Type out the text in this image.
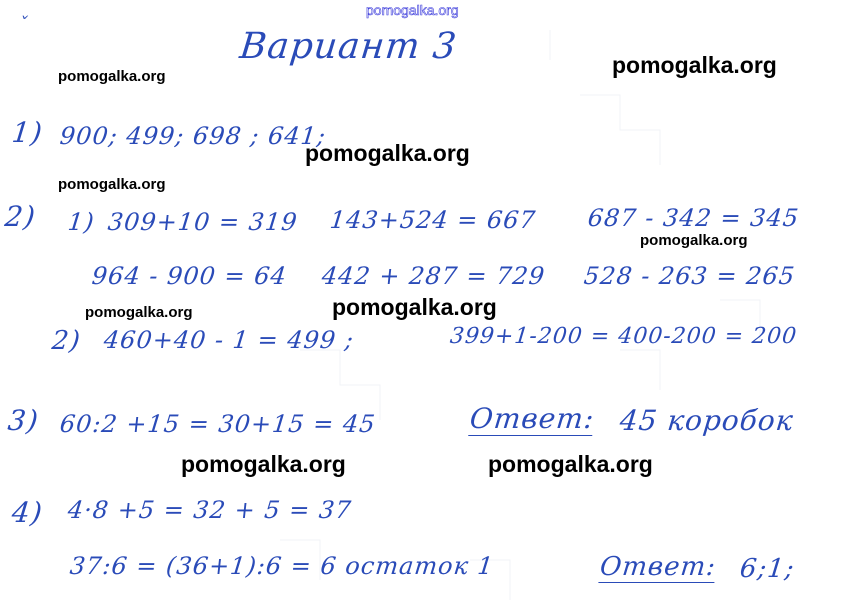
pomogalka.org
ˇ
Вариант 3
pomogalka.org	pomogalka.org
pomogalka.org
pomogalka.org
pomogalka.org
pomogalka.org	pomogalka.org
pomogalka.org	pomogalka.org
1) 900; 499; 698 ; 641;
2) 1) 309+10 = 319 143+524 = 667 687 - 342 = 345
964 - 900 = 64 442 + 287 = 729 528 - 263 = 265
2) 460+40 - 1 = 499 ;	399+1-200 = 400-200 = 200
3) 60:2 +15 = 30+15 = 45	Ответ: 45 коробок
4) 4·8 +5 = 32 + 5 = 37
37:6 = (36+1):6 = 6 остаток 1	Ответ: 6;1;
